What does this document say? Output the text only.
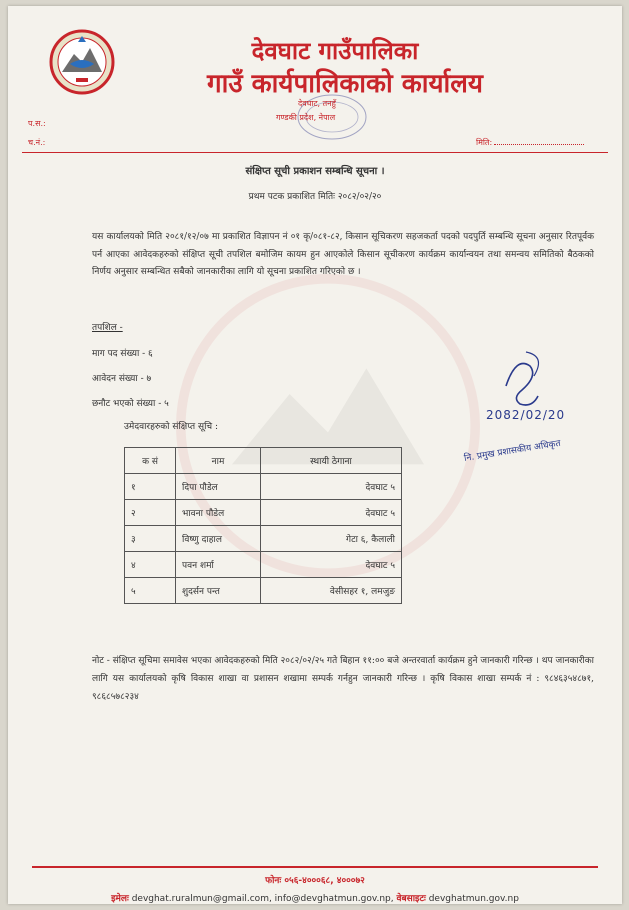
देवघाट गाउँपालिका
गाउँ कार्यपालिकाको कार्यालय
देवघाट, तनहुँ
गण्डकी प्रदेश, नेपाल
प.स.:
च.नं.:	मिति:
संक्षिप्त सूची प्रकाशन सम्बन्धि सूचना ।
प्रथम पटक प्रकाशित मितिः २०८२/०२/२०
यस कार्यालयको मिति २०८१/१२/०७ मा प्रकाशित विज्ञापन नं ०१ कृ/०८१-८२, किसान सूचिकरण सहजकर्ता पदको पदपुर्ति सम्बन्धि सूचना अनुसार रितपूर्वक पर्न आएका आवेदकहरुको संक्षिप्त सूची तपशिल बमोजिम कायम हुन आएकोले किसान सूचीकरण कार्यक्रम कार्यान्वयन तथा समन्वय समितिको बैठकको निर्णय अनुसार सम्बन्धित सबैको जानकारीका लागि यो सूचना प्रकाशित गरिएको छ ।
तपशिल -
माग पद संख्या - ६
आवेदन संख्या - ७
छनौट भएको संख्या - ५
उमेदवारहरुको संक्षिप्त सूचि :
क सं	नाम	स्थायी ठेगाना
१	दिपा पौडेल	देवघाट ५
२	भावना पौडेल	देवघाट ५
३	विष्णु दाहाल	गेटा ६, कैलाली
४	पवन शर्मा	देवघाट ५
५	शुदर्सन पन्त	वेसीसहर १, लमजुङ
2082/02/20
नि. प्रमुख प्रशासकीय अधिकृत
नोट - संक्षिप्त सूचिमा समावेस भएका आवेदकहरुको मिति २०८२/०२/२५ गते बिहान ११:०० बजे अन्तरवार्ता कार्यक्रम हुने जानकारी गरिन्छ । थप जानकारीका लागि यस कार्यालयको कृषि विकास शाखा वा प्रशासन शखामा सम्पर्क गर्नहुन जानकारी गरिन्छ । कृषि विकास शाखा सम्पर्क नं : ९८४६३५४८७१, ९८६८५७८२३४
फोनः ०५६-४०००६८, ४०००७२
इमेलः devghat.ruralmun@gmail.com, info@devghatmun.gov.np, वेबसाइटः devghatmun.gov.np
